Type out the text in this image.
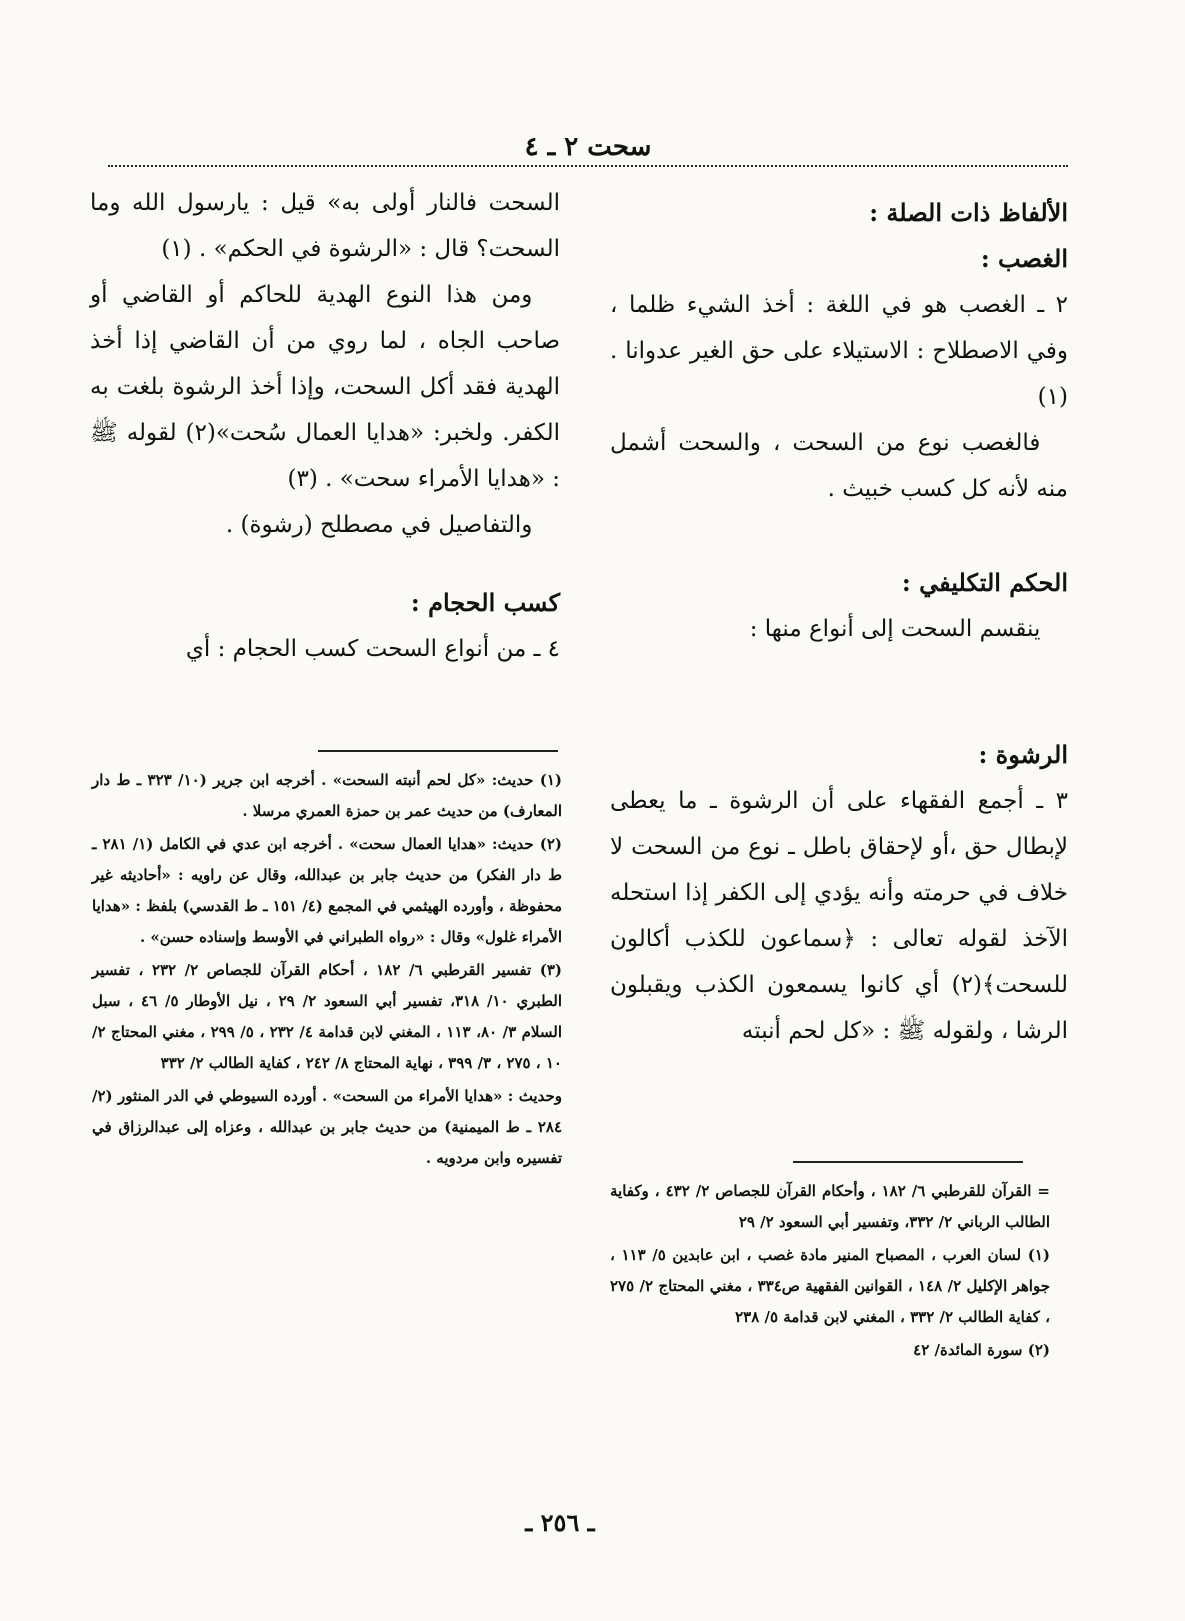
سحت ٢ ـ ٤

الألفاظ ذات الصلة :

الغصب :

٢ ـ الغصب هو في اللغة : أخذ الشيء ظلما ، وفي الاصطلاح : الاستيلاء على حق الغير عدوانا . (١)

فالغصب نوع من السحت ، والسحت أشمل منه لأنه كل كسب خبيث .

الحكم التكليفي :

ينقسم السحت إلى أنواع منها :

الرشوة :

٣ ـ أجمع الفقهاء على أن الرشوة ـ ما يعطى لإبطال حق ،أو لإحقاق باطل ـ نوع من السحت لا خلاف في حرمته وأنه يؤدي إلى الكفر إذا استحله الآخذ لقوله تعالى : ﴿سماعون للكذب أكالون للسحت﴾(٢) أي كانوا يسمعون الكذب ويقبلون الرشا ، ولقوله ﷺ : «كل لحم أنبته

السحت فالنار أولى به» قيل : يارسول الله وما السحت؟ قال : «الرشوة في الحكم» . (١)

ومن هذا النوع الهدية للحاكم أو القاضي أو صاحب الجاه ، لما روي من أن القاضي إذا أخذ الهدية فقد أكل السحت، وإذا أخذ الرشوة بلغت به الكفر. ولخبر: «هدايا العمال سُحت»(٢) لقوله ﷺ : «هدايا الأمراء سحت» . (٣)

والتفاصيل في مصطلح (رشوة) .

كسب الحجام :

٤ ـ من أنواع السحت كسب الحجام : أي

(١) حديث: «كل لحم أنبته السحت» . أخرجه ابن جرير (١٠/ ٣٢٣ ـ ط دار المعارف) من حديث عمر بن حمزة العمري مرسلا .

(٢) حديث: «هدايا العمال سحت» . أخرجه ابن عدي في الكامل (١/ ٢٨١ ـ ط دار الفكر) من حديث جابر بن عبدالله، وقال عن راويه : «أحاديثه غير محفوظة ، وأورده الهيثمي في المجمع (٤/ ١٥١ ـ ط القدسي) بلفظ : «هدايا الأمراء غلول» وقال : «رواه الطبراني في الأوسط وإسناده حسن» .

(٣) تفسير القرطبي ٦/ ١٨٢ ، أحكام القرآن للجصاص ٢/ ٢٣٢ ، تفسير الطبري ١٠/ ٣١٨، تفسير أبي السعود ٢/ ٢٩ ، نيل الأوطار ٥/ ٤٦ ، سبل السلام ٣/ ٨٠، ١١٣ ، المغني لابن قدامة ٤/ ٢٣٢ ، ٥/ ٢٩٩ ، مغني المحتاج ٢/ ١٠ ، ٢٧٥ ، ٣/ ٣٩٩ ، نهاية المحتاج ٨/ ٢٤٢ ، كفاية الطالب ٢/ ٣٣٢

وحديث : «هدايا الأمراء من السحت» . أورده السيوطي في الدر المنثور (٢/ ٢٨٤ ـ ط الميمنية) من حديث جابر بن عبدالله ، وعزاه إلى عبدالرزاق في تفسيره وابن مردويه .

= القرآن للقرطبي ٦/ ١٨٢ ، وأحكام القرآن للجصاص ٢/ ٤٣٢ ، وكفاية الطالب الرباني ٢/ ٣٣٢، وتفسير أبي السعود ٢/ ٢٩

(١) لسان العرب ، المصباح المنير مادة غصب ، ابن عابدين ٥/ ١١٣ ، جواهر الإكليل ٢/ ١٤٨ ، القوانين الفقهية ص٣٣٤ ، مغني المحتاج ٢/ ٢٧٥ ، كفاية الطالب ٢/ ٣٣٢ ، المغني لابن قدامة ٥/ ٢٣٨

(٢) سورة المائدة/ ٤٢

ـ ٢٥٦ ـ
